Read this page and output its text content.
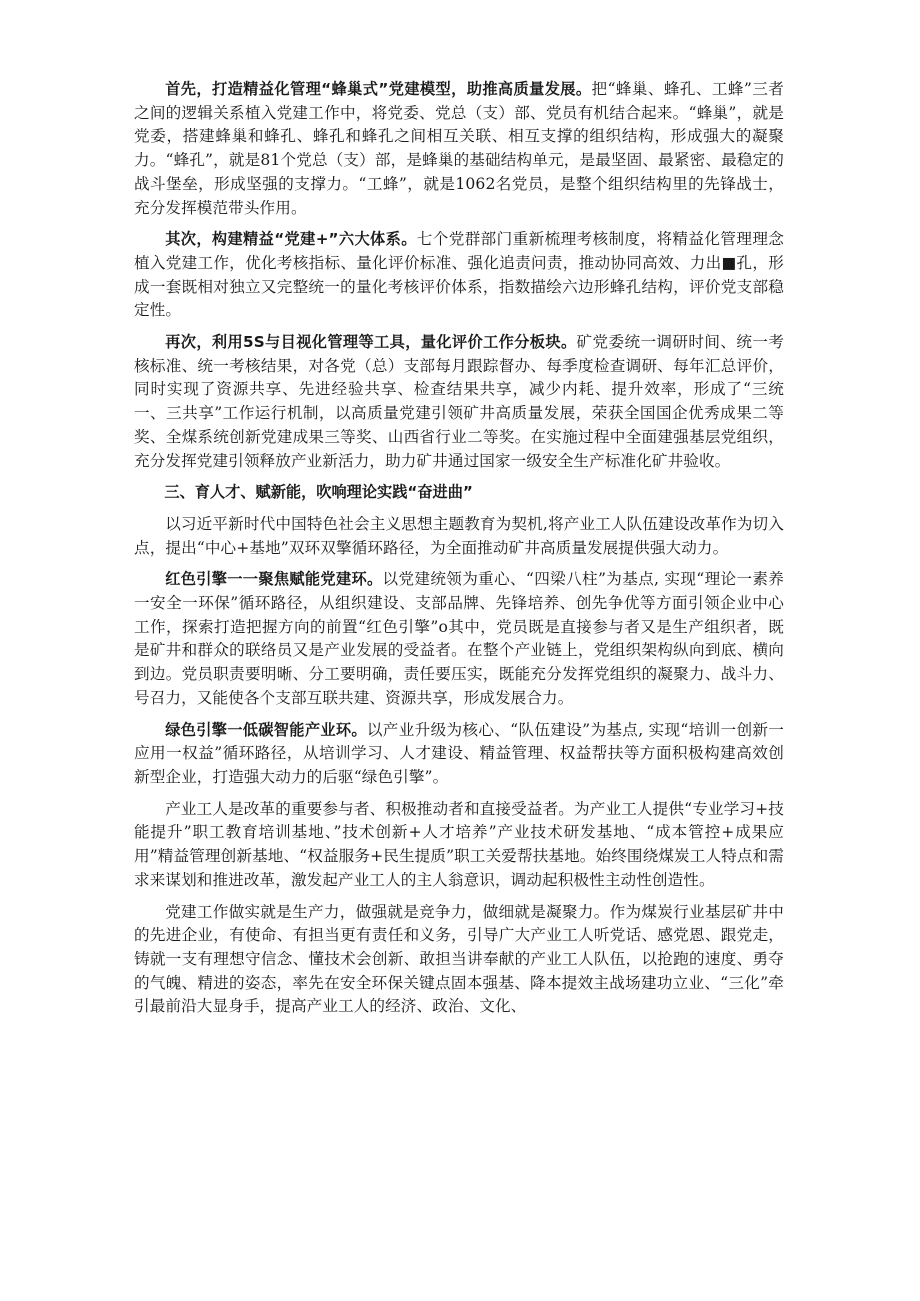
首先，打造精益化管理“蜂巢式”党建模型，助推高质量发展。把“蜂巢、蜂孔、工蜂”三者之间的逻辑关系植入党建工作中，将党委、党总（支）部、党员有机结合起来。“蜂巢”，就是党委，搭建蜂巢和蜂孔、蜂孔和蜂孔之间相互关联、相互支撑的组织结构，形成强大的凝聚力。“蜂孔”，就是81个党总（支）部，是蜂巢的基础结构单元，是最坚固、最紧密、最稳定的战斗堡垒，形成坚强的支撑力。“工蜂”，就是1062名党员，是整个组织结构里的先锋战士，充分发挥模范带头作用。

其次，构建精益“党建+”六大体系。七个党群部门重新梳理考核制度，将精益化管理理念植入党建工作，优化考核指标、量化评价标准、强化追责问责，推动协同高效、力出■孔，形成一套既相对独立又完整统一的量化考核评价体系，指数描绘六边形蜂孔结构，评价党支部稳定性。

再次，利用5S与目视化管理等工具，量化评价工作分板块。矿党委统一调研时间、统一考核标准、统一考核结果，对各党（总）支部每月跟踪督办、每季度检查调研、每年汇总评价，同时实现了资源共享、先进经验共享、检查结果共享，减少内耗、提升效率，形成了“三统一、三共享”工作运行机制，以高质量党建引领矿井高质量发展，荣获全国国企优秀成果二等奖、全煤系统创新党建成果三等奖、山西省行业二等奖。在实施过程中全面建强基层党组织，充分发挥党建引领释放产业新活力，助力矿井通过国家一级安全生产标准化矿井验收。

三、育人才、赋新能，吹响理论实践“奋进曲”

以习近平新时代中国特色社会主义思想主题教育为契机,将产业工人队伍建设改革作为切入点，提出“中心+基地”双环双擎循环路径，为全面推动矿井高质量发展提供强大动力。

红色引擎一一聚焦赋能党建环。以党建统领为重心、“四梁八柱”为基点, 实现“理论一素养一安全一环保”循环路径，从组织建设、支部品牌、先锋培养、创先争优等方面引领企业中心工作，探索打造把握方向的前置“红色引擎”o其中，党员既是直接参与者又是生产组织者，既是矿井和群众的联络员又是产业发展的受益者。在整个产业链上，党组织架构纵向到底、横向到边。党员职责要明晰、分工要明确，责任要压实，既能充分发挥党组织的凝聚力、战斗力、号召力，又能使各个支部互联共建、资源共享，形成发展合力。

绿色引擎一低碳智能产业环。以产业升级为核心、“队伍建设”为基点, 实现“培训一创新一应用一权益”循环路径，从培训学习、人才建设、精益管理、权益帮扶等方面积极构建高效创新型企业，打造强大动力的后驱“绿色引擎”。

产业工人是改革的重要参与者、积极推动者和直接受益者。为产业工人提供“专业学习+技能提升”职工教育培训基地、”技术创新+人才培养”产业技术研发基地、“成本管控+成果应用”精益管理创新基地、“权益服务+民生提质”职工关爱帮扶基地。始终围绕煤炭工人特点和需求来谋划和推进改革，激发起产业工人的主人翁意识，调动起积极性主动性创造性。

党建工作做实就是生产力，做强就是竞争力，做细就是凝聚力。作为煤炭行业基层矿井中的先进企业，有使命、有担当更有责任和义务，引导广大产业工人听党话、感党恩、跟党走，铸就一支有理想守信念、懂技术会创新、敢担当讲奉献的产业工人队伍，以抢跑的速度、勇夺的气魄、精进的姿态，率先在安全环保关键点固本强基、降本提效主战场建功立业、“三化”牵引最前沿大显身手，提高产业工人的经济、政治、文化、
